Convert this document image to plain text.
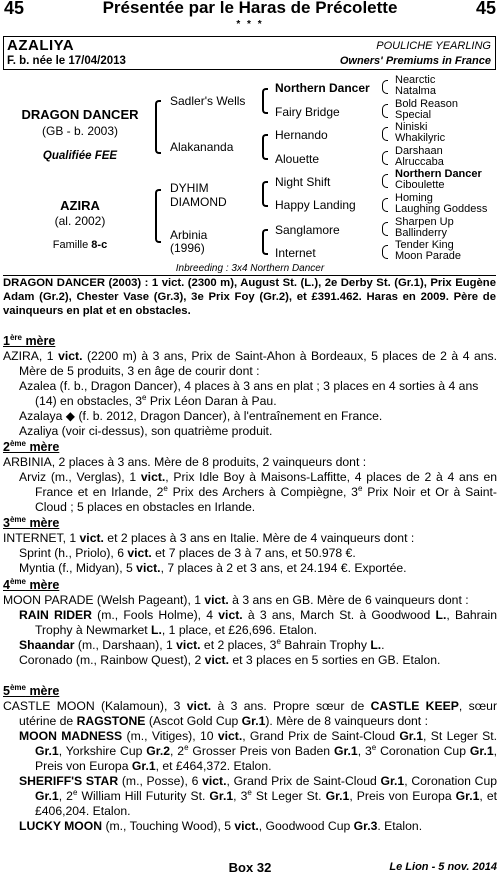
45	Présentée par le Haras de Précolette	45
* * *
AZALIYA	POULICHE YEARLING
F. b. née le 17/04/2013	Owners' Premiums in France
DRAGON DANCER
(GB - b. 2003)
Qualifiée FEE
AZIRA
(al. 2002)
Famille 8-c
Sadler's Wells
Alakananda
DYHIM
DIAMOND
Arbinia
(1996)
Northern Dancer
Fairy Bridge
Hernando
Alouette
Night Shift
Happy Landing
Sanglamore
Internet
Nearctic
Natalma
Bold Reason
Special
Niniski
Whakilyric
Darshaan
Alruccaba
Northern Dancer
Ciboulette
Homing
Laughing Goddess
Sharpen Up
Ballinderry
Tender King
Moon Parade
Inbreeding : 3x4 Northern Dancer
DRAGON DANCER (2003) : 1 vict. (2300 m), August St. (L.), 2e Derby St. (Gr.1), Prix Eugène Adam (Gr.2), Chester Vase (Gr.3), 3e Prix Foy (Gr.2), et £391.462. Haras en 2009. Père de vainqueurs en plat et en obstacles.
1ère mère
AZIRA, 1 vict. (2200 m) à 3 ans, Prix de Saint-Ahon à Bordeaux, 5 places de 2 à 4 ans. Mère de 5 produits, 3 en âge de courir dont :
Azalea (f. b., Dragon Dancer), 4 places à 3 ans en plat ; 3 places en 4 sorties à 4 ans (14) en obstacles, 3e Prix Léon Daran à Pau.
Azalaya ◆ (f. b. 2012, Dragon Dancer), à l'entraînement en France.
Azaliya (voir ci-dessus), son quatrième produit.
2ème mère
ARBINIA, 2 places à 3 ans. Mère de 8 produits, 2 vainqueurs dont :
Arviz (m., Verglas), 1 vict., Prix Idle Boy à Maisons-Laffitte, 4 places de 2 à 4 ans en France et en Irlande, 2e Prix des Archers à Compiègne, 3e Prix Noir et Or à Saint-Cloud ; 5 places en obstacles en Irlande.
3ème mère
INTERNET, 1 vict. et 2 places à 3 ans en Italie. Mère de 4 vainqueurs dont :
Sprint (h., Priolo), 6 vict. et 7 places de 3 à 7 ans, et 50.978 €.
Myntia (f., Midyan), 5 vict., 7 places à 2 et 3 ans, et 24.194 €. Exportée.
4ème mère
MOON PARADE (Welsh Pageant), 1 vict. à 3 ans en GB. Mère de 6 vainqueurs dont :
RAIN RIDER (m., Fools Holme), 4 vict. à 3 ans, March St. à Goodwood L., Bahrain Trophy à Newmarket L., 1 place, et £26,696. Etalon.
Shaandar (m., Darshaan), 1 vict. et 2 places, 3e Bahrain Trophy L..
Coronado (m., Rainbow Quest), 2 vict. et 3 places en 5 sorties en GB. Etalon.
5ème mère
CASTLE MOON (Kalamoun), 3 vict. à 3 ans. Propre sœur de CASTLE KEEP, sœur utérine de RAGSTONE (Ascot Gold Cup Gr.1). Mère de 8 vainqueurs dont :
MOON MADNESS (m., Vitiges), 10 vict., Grand Prix de Saint-Cloud Gr.1, St Leger St. Gr.1, Yorkshire Cup Gr.2, 2e Grosser Preis von Baden Gr.1, 3e Coronation Cup Gr.1, Preis von Europa Gr.1, et £464,372. Etalon.
SHERIFF'S STAR (m., Posse), 6 vict., Grand Prix de Saint-Cloud Gr.1, Coronation Cup Gr.1, 2e William Hill Futurity St. Gr.1, 3e St Leger St. Gr.1, Preis von Europa Gr.1, et £406,204. Etalon.
LUCKY MOON (m., Touching Wood), 5 vict., Goodwood Cup Gr.3. Etalon.
Box 32	Le Lion - 5 nov. 2014
